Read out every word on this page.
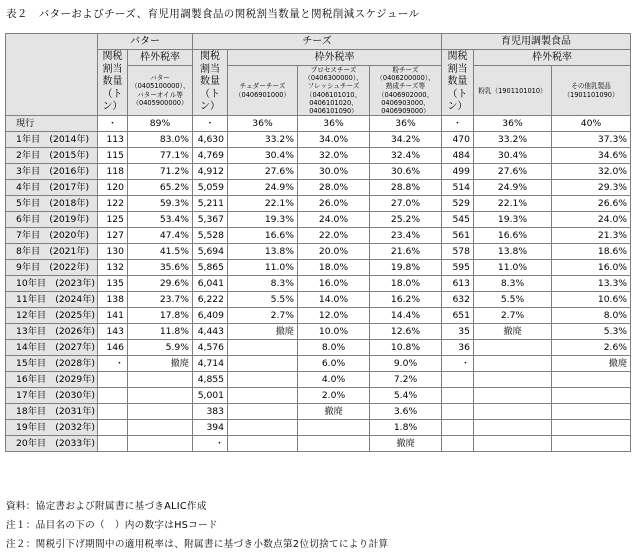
表２　バターおよびチーズ、育児用調製食品の関税割当数量と関税削減スケジュール
	バター		チーズ				育児用調製食品		
	関税割当数量（トン）	枠外税率	関税割当数量（トン）	枠外税率			関税割当数量（トン）	枠外税率	
		バター（0405100000）、バターオイル等（0405900000）		チェダーチーズ（0406901000）	プロセスチーズ（0406300000）、フレッシュチーズ（0406101010、0406101020、0406101090）	粉チーズ（0406200000）、熟成チーズ等（0406902000、0406903000、0406909000）		粉乳（1901101010）	その他乳製品（1901101090）
現行	・	89%	・	36%	36%	36%	・	36%	40%
1年目　(2014年)	113	83.0%	4,630	33.2%	34.0%	34.2%	470	33.2%	37.3%
2年目　(2015年)	115	77.1%	4,769	30.4%	32.0%	32.4%	484	30.4%	34.6%
3年目　(2016年)	118	71.2%	4,912	27.6%	30.0%	30.6%	499	27.6%	32.0%
4年目　(2017年)	120	65.2%	5,059	24.9%	28.0%	28.8%	514	24.9%	29.3%
5年目　(2018年)	122	59.3%	5,211	22.1%	26.0%	27.0%	529	22.1%	26.6%
6年目　(2019年)	125	53.4%	5,367	19.3%	24.0%	25.2%	545	19.3%	24.0%
7年目　(2020年)	127	47.4%	5,528	16.6%	22.0%	23.4%	561	16.6%	21.3%
8年目　(2021年)	130	41.5%	5,694	13.8%	20.0%	21.6%	578	13.8%	18.6%
9年目　(2022年)	132	35.6%	5,865	11.0%	18.0%	19.8%	595	11.0%	16.0%
10年目　(2023年)	135	29.6%	6,041	8.3%	16.0%	18.0%	613	8.3%	13.3%
11年目　(2024年)	138	23.7%	6,222	5.5%	14.0%	16.2%	632	5.5%	10.6%
12年目　(2025年)	141	17.8%	6,409	2.7%	12.0%	14.4%	651	2.7%	8.0%
13年目　(2026年)	143	11.8%	4,443	撤廃	10.0%	12.6%	35	撤廃	5.3%
14年目　(2027年)	146	5.9%	4,576		8.0%	10.8%	36		2.6%
15年目　(2028年)	・	撤廃	4,714		6.0%	9.0%	・		撤廃
16年目　(2029年)			4,855		4.0%	7.2%			
17年目　(2030年)			5,001		2.0%	5.4%			
18年目　(2031年)			383		撤廃	3.6%			
19年目　(2032年)			394			1.8%			
20年目　(2033年)			・			撤廃			
資料：協定書および附属書に基づきALIC作成
注１：品目名の下の（　）内の数字はHSコード
注２：関税引下げ期間中の適用税率は、附属書に基づき小数点第2位切捨てにより計算
